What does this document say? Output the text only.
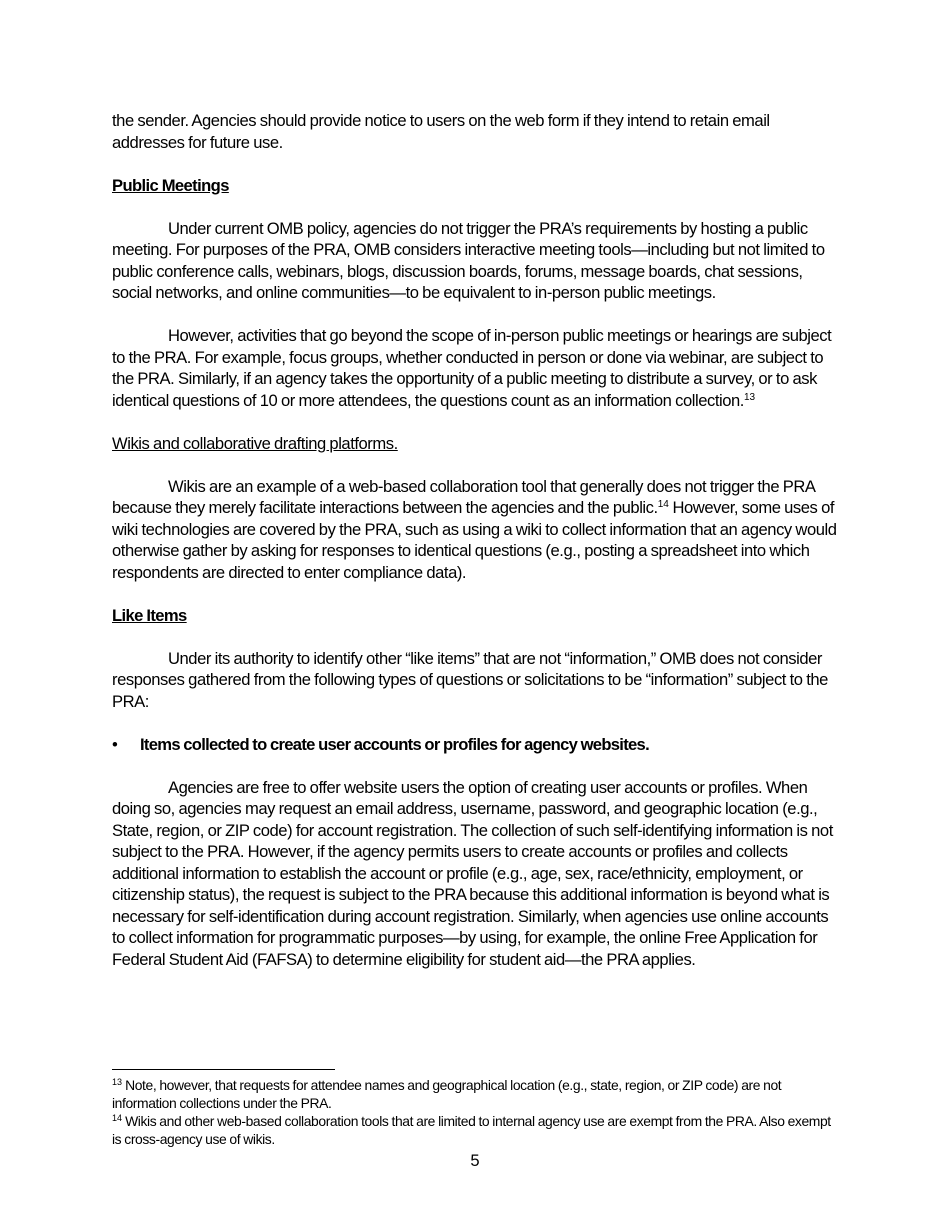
the sender. Agencies should provide notice to users on the web form if they intend to retain email addresses for future use.

Public Meetings

Under current OMB policy, agencies do not trigger the PRA’s requirements by hosting a public meeting. For purposes of the PRA, OMB considers interactive meeting tools—including but not limited to public conference calls, webinars, blogs, discussion boards, forums, message boards, chat sessions, social networks, and online communities—to be equivalent to in-person public meetings.

However, activities that go beyond the scope of in-person public meetings or hearings are subject to the PRA. For example, focus groups, whether conducted in person or done via webinar, are subject to the PRA. Similarly, if an agency takes the opportunity of a public meeting to distribute a survey, or to ask identical questions of 10 or more attendees, the questions count as an information collection.$^{13}$

Wikis and collaborative drafting platforms.

Wikis are an example of a web-based collaboration tool that generally does not trigger the PRA because they merely facilitate interactions between the agencies and the public.$^{14}$ However, some uses of wiki technologies are covered by the PRA, such as using a wiki to collect information that an agency would otherwise gather by asking for responses to identical questions (e.g., posting a spreadsheet into which respondents are directed to enter compliance data).

Like Items

Under its authority to identify other “like items” that are not “information,” OMB does not consider responses gathered from the following types of questions or solicitations to be “information” subject to the PRA:

•	Items collected to create user accounts or profiles for agency websites.

Agencies are free to offer website users the option of creating user accounts or profiles. When doing so, agencies may request an email address, username, password, and geographic location (e.g., State, region, or ZIP code) for account registration. The collection of such self-identifying information is not subject to the PRA. However, if the agency permits users to create accounts or profiles and collects additional information to establish the account or profile (e.g., age, sex, race/ethnicity, employment, or citizenship status), the request is subject to the PRA because this additional information is beyond what is necessary for self-identification during account registration. Similarly, when agencies use online accounts to collect information for programmatic purposes—by using, for example, the online Free Application for Federal Student Aid (FAFSA) to determine eligibility for student aid—the PRA applies.

$^{13}$ Note, however, that requests for attendee names and geographical location (e.g., state, region, or ZIP code) are not information collections under the PRA.

$^{14}$ Wikis and other web-based collaboration tools that are limited to internal agency use are exempt from the PRA. Also exempt is cross-agency use of wikis.

5
